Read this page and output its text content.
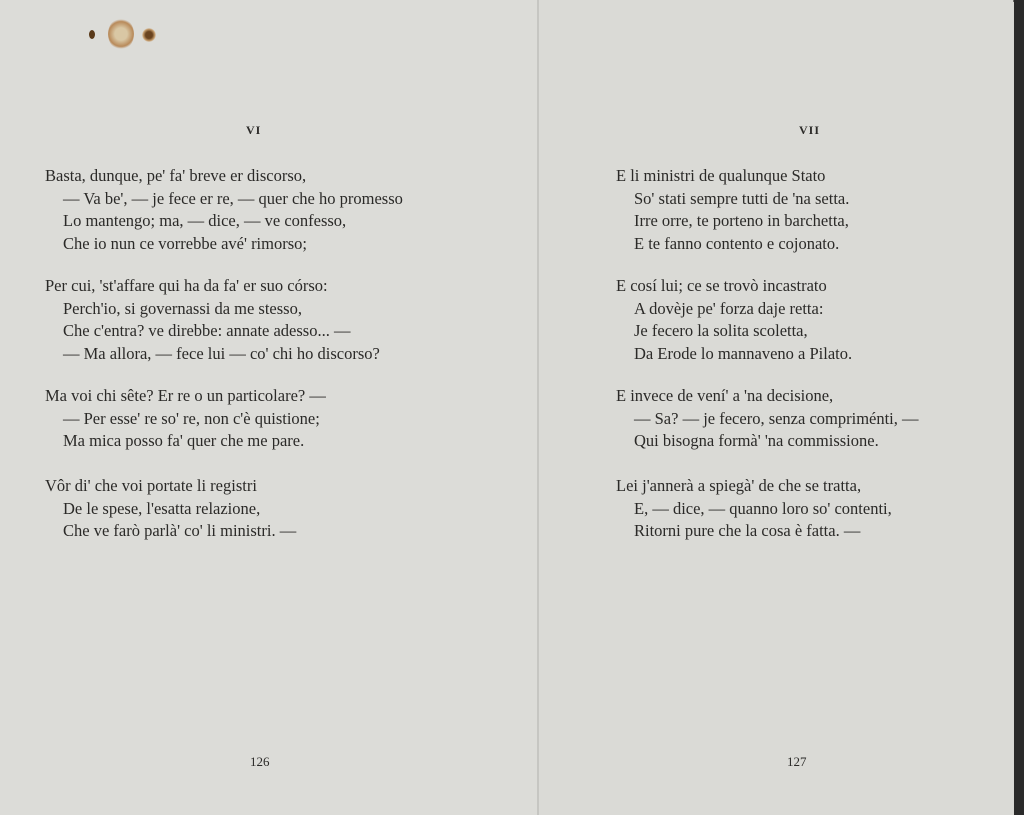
VI
Basta, dunque, pe' fa' breve er discorso,
— Va be', — je fece er re, — quer che ho promesso
Lo mantengo; ma, — dice, — ve confesso,
Che io nun ce vorrebbe avé' rimorso;
Per cui, 'st'affare qui ha da fa' er suo córso:
Perch'io, si governassi da me stesso,
Che c'entra? ve direbbe: annate adesso... —
— Ma allora, — fece lui — co' chi ho discorso?
Ma voi chi sête? Er re o un particolare? —
— Per esse' re so' re, non c'è quistione;
Ma mica posso fa' quer che me pare.
Vôr di' che voi portate li registri
De le spese, l'esatta relazione,
Che ve farò parlà' co' li ministri. —
126
VII
E li ministri de qualunque Stato
So' stati sempre tutti de 'na setta.
Irre orre, te porteno in barchetta,
E te fanno contento e cojonato.
E cosí lui; ce se trovò incastrato
A dovèje pe' forza daje retta:
Je fecero la solita scoletta,
Da Erode lo mannaveno a Pilato.
E invece de vení' a 'na decisione,
— Sa? — je fecero, senza compriménti, —
Qui bisogna formà' 'na commissione.
Lei j'annerà a spiegà' de che se tratta,
E, — dice, — quanno loro so' contenti,
Ritorni pure che la cosa è fatta. —
127
